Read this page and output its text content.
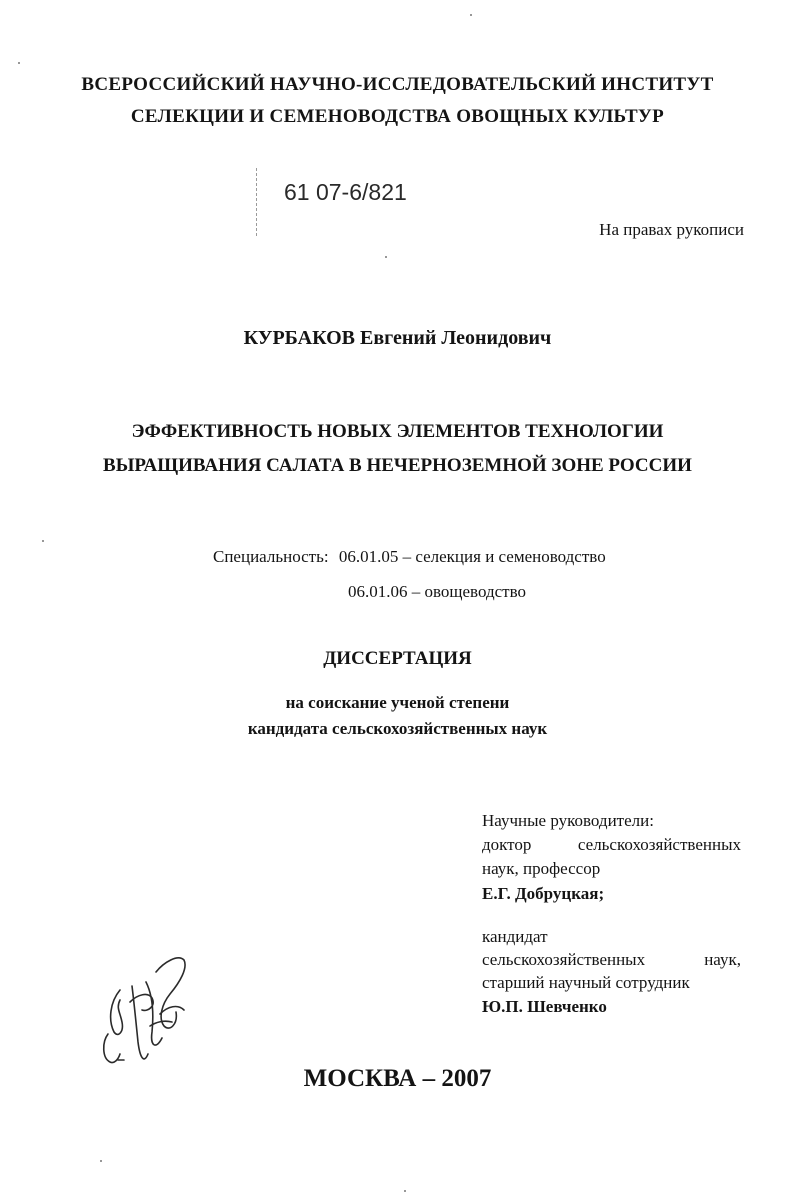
ВСЕРОССИЙСКИЙ НАУЧНО-ИССЛЕДОВАТЕЛЬСКИЙ ИНСТИТУТ
СЕЛЕКЦИИ И СЕМЕНОВОДСТВА ОВОЩНЫХ КУЛЬТУР
61 07-6/821
На правах рукописи
КУРБАКОВ Евгений Леонидович
ЭФФЕКТИВНОСТЬ НОВЫХ ЭЛЕМЕНТОВ ТЕХНОЛОГИИ
ВЫРАЩИВАНИЯ САЛАТА В НЕЧЕРНОЗЕМНОЙ ЗОНЕ РОССИИ
Специальность: 06.01.05 – селекция и семеноводство
06.01.06 – овощеводство
ДИССЕРТАЦИЯ
на соискание ученой степени
кандидата сельскохозяйственных наук
Научные руководители:
доктор	сельскохозяйственных
наук, профессор
Е.Г. Добруцкая;
кандидат
сельскохозяйственных	наук,
старший научный сотрудник
Ю.П. Шевченко
МОСКВА – 2007
